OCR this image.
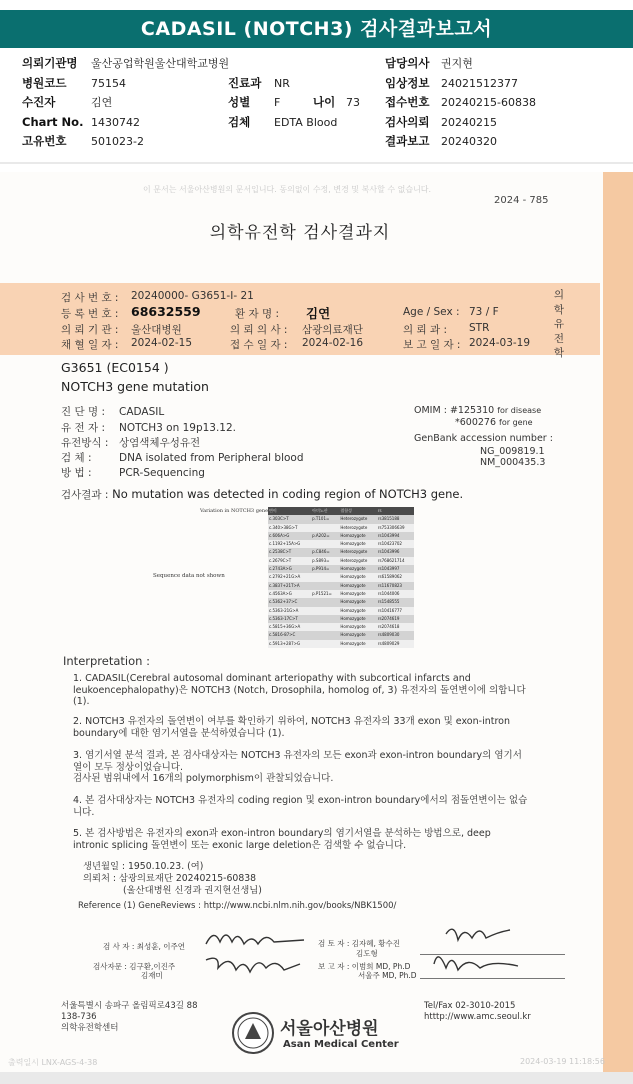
CADASIL (NOTCH3) 검사결과보고서
의뢰기관명 울산공업학원울산대학교병원	담당의사 권지현
병원코드 75154	진료과 NR	임상정보 24021512377
수진자	김연	성별 F	나이 73 접수번호 20240215-60838
Chart No. 1430742	검체 EDTA Blood	검사의뢰 20240215
고유번호 501023-2	결과보고 20240320
이 문서는 서울아산병원의 문서입니다. 동의없이 수정, 변경 및 복사할 수 없습니다.
2024 - 785
의학유전학 검사결과지
검 사 번 호 : 20240000- G3651-I- 21
등 록 번 호 : 68632559	환 자 명 : 김연	Age / Sex : 73 / F
의 뢰 기 관 : 울산대병원	의 뢰 의 사 : 삼광의료재단	의 뢰 과 : STR
채 혈 일 자 : 2024-02-15	접 수 일 자 : 2024-02-16	보 고 일 자 : 2024-03-19
의학유전학
G3651 (EC0154 )
NOTCH3 gene mutation
진 단 명 : CADASIL
유 전 자 : NOTCH3 on 19p13.12.
유전방식 : 상염색체우성유전
검 체 :	DNA isolated from Peripheral blood
방 법 :	PCR-Sequencing
OMIM : #125310 for disease
*600276 for gene
GenBank accession number :
NG_009819.1
NM_000435.3
검사결과 : No mutation was detected in coding region of NOTCH3 gene.
Variation in NOTCH3 gene
Sequence data not shown
변이	아미노산	접합성	rs
c.303C>T	p.T101=	Heterozygote	rs3815188
c.340>38G>T		Heterozygote	rs753306639
c.606A>G	p.A202=	Homozygote	rs1043994
c.1192+15A>G		Homozygote	rs10423702
c.2538C>T	p.C846=	Heterozygote	rs1043996
c.2679C>T	p.S893=	Heterozygote	rs768621714
c.2743A>G	p.P914=	Homozygote	rs1043997
c.2792+21G>A		Homozygote	rs61589062
c.3837+21T>A		Homozygote	rs11670823
c.4563A>G	p.P1521=	Homozygote	rs1044006
c.5362+37>C		Homozygote	rs1548555
c.5363-21G>A		Homozygote	rs10416777
c.5363-17C>T		Homozygote	rs2074619
c.5815+36G>A		Homozygote	rs2074618
c.5816-87>C		Homozygote	rs4809030
c.5913+287>G		Homozygote	rs4809029
Interpretation :
1. CADASIL(Cerebral autosomal dominant arteriopathy with subcortical infarcts and
leukoencephalopathy)은 NOTCH3 (Notch, Drosophila, homolog of, 3) 유전자의 돌연변이에 의합니다
(1).
2. NOTCH3 유전자의 돌연변이 여부를 확인하기 위하여, NOTCH3 유전자의 33개 exon 및 exon-intron
boundary에 대한 염기서열을 분석하였습니다 (1).
3. 염기서열 분석 결과, 본 검사대상자는 NOTCH3 유전자의 모든 exon과 exon-intron boundary의 염기서
열이 모두 정상이었습니다.
검사된 범위내에서 16개의 polymorphism이 관찰되었습니다.
4. 본 검사대상자는 NOTCH3 유전자의 coding region 및 exon-intron boundary에서의 점돌연변이는 없습
니다.
5. 본 검사방법은 유전자의 exon과 exon-intron boundary의 염기서열을 분석하는 방법으로, deep
intronic splicing 돌연변이 또는 exonic large deletion은 검색할 수 없습니다.
생년월일 : 1950.10.23. (여)
의뢰처 : 삼광의료재단 20240215-60838
(울산대병원 신경과 권지현선생님)
Reference (1) GeneReviews : http://www.ncbi.nlm.nih.gov/books/NBK1500/
검 사 자 : 최성훈, 이주연
검사자문 : 김구환,이진주
김재미
검 토 자 : 김자혜, 황수진
김도형
보 고 자 : 이범희 MD, Ph.D
서울주 MD, Ph.D
서울특별시 송파구 올림픽로43길 88
138-736
의학유전학센터
Tel/Fax 02-3010-2015
htttp://www.amc.seoul.kr
서울아산병원
Asan Medical Center
출력일시 LNX-AGS-4-38	2024-03-19 11:18:56
